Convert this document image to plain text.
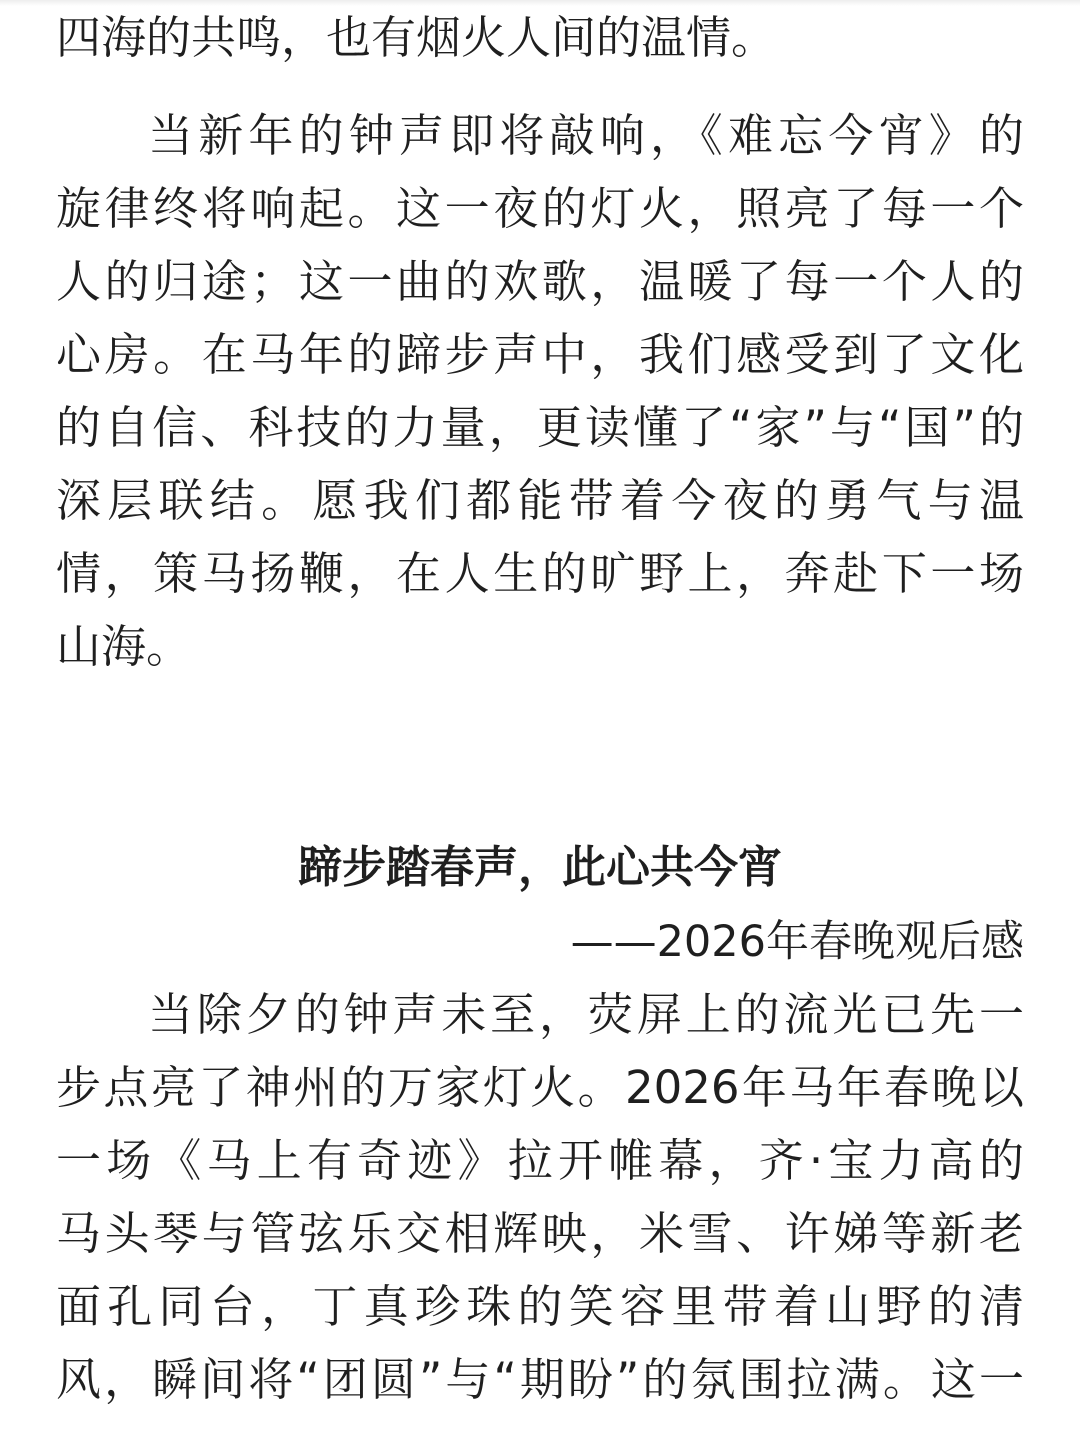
四海的共鸣，也有烟火人间的温情。
当新年的钟声即将敲响，《难忘今宵》的
旋律终将响起。这一夜的灯火，照亮了每一个
人的归途；这一曲的欢歌，温暖了每一个人的
心房。在马年的蹄步声中，我们感受到了文化
的自信、科技的力量，更读懂了“家”与“国”的
深层联结。愿我们都能带着今夜的勇气与温
情，策马扬鞭，在人生的旷野上，奔赴下一场
山海。
蹄步踏春声，此心共今宵
——2026年春晚观后感
当除夕的钟声未至，荧屏上的流光已先一
步点亮了神州的万家灯火。2026年马年春晚以
一场《马上有奇迹》拉开帷幕，齐·宝力高的
马头琴与管弦乐交相辉映，米雪、许娣等新老
面孔同台，丁真珍珠的笑容里带着山野的清
风，瞬间将“团圆”与“期盼”的氛围拉满。这一
